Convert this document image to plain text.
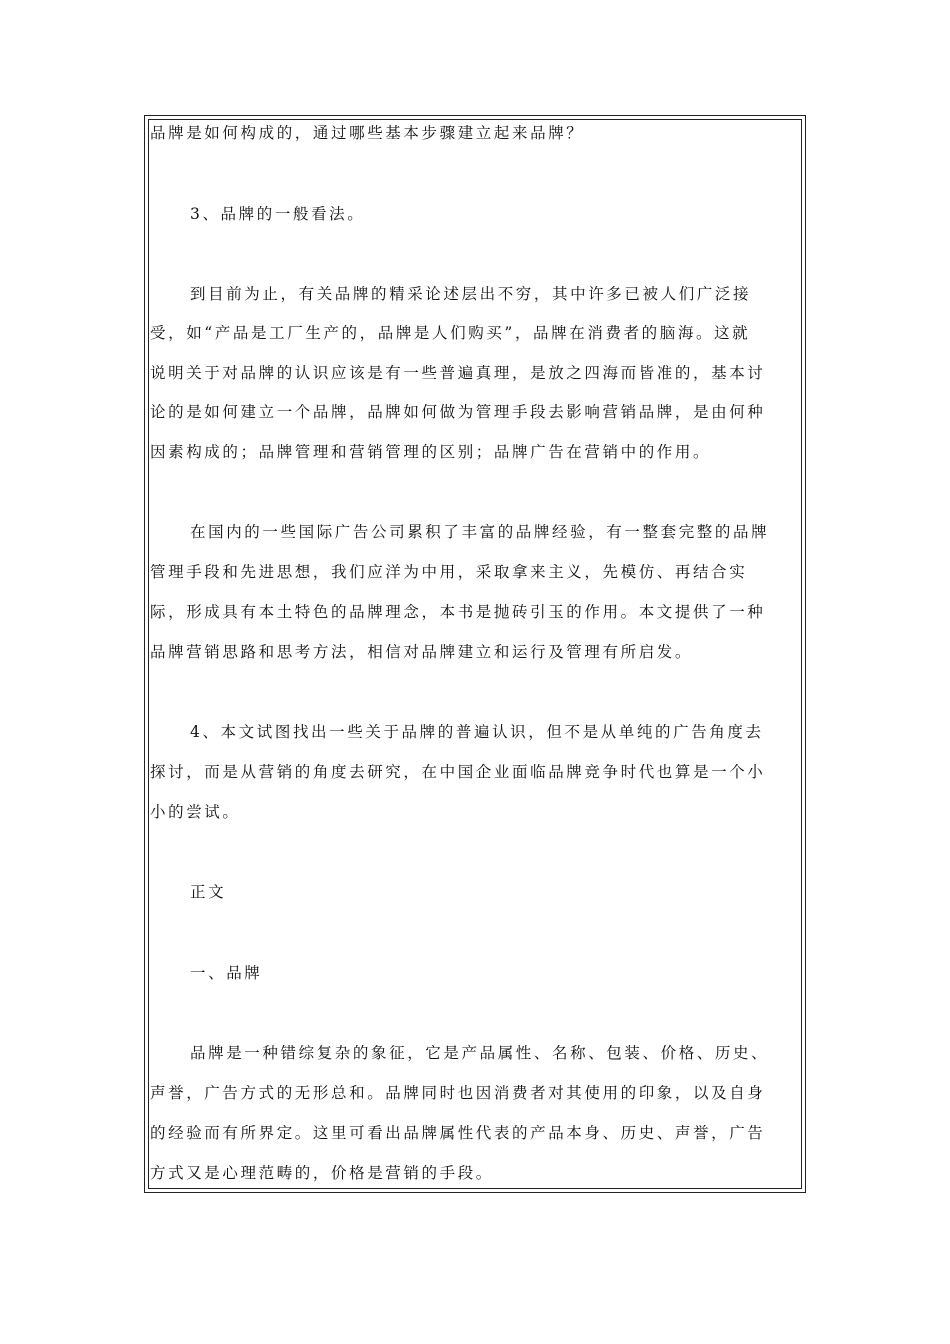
品牌是如何构成的，通过哪些基本步骤建立起来品牌？
3、品牌的一般看法。
到目前为止，有关品牌的精采论述层出不穷，其中许多已被人们广泛接
受，如“产品是工厂生产的，品牌是人们购买”，品牌在消费者的脑海。这就
说明关于对品牌的认识应该是有一些普遍真理，是放之四海而皆准的，基本讨
论的是如何建立一个品牌，品牌如何做为管理手段去影响营销品牌，是由何种
因素构成的；品牌管理和营销管理的区别；品牌广告在营销中的作用。
在国内的一些国际广告公司累积了丰富的品牌经验，有一整套完整的品牌
管理手段和先进思想，我们应洋为中用，采取拿来主义，先模仿、再结合实
际，形成具有本土特色的品牌理念，本书是抛砖引玉的作用。本文提供了一种
品牌营销思路和思考方法，相信对品牌建立和运行及管理有所启发。
4、本文试图找出一些关于品牌的普遍认识，但不是从单纯的广告角度去
探讨，而是从营销的角度去研究，在中国企业面临品牌竞争时代也算是一个小
小的尝试。
正文
一、品牌
品牌是一种错综复杂的象征，它是产品属性、名称、包装、价格、历史、
声誉，广告方式的无形总和。品牌同时也因消费者对其使用的印象，以及自身
的经验而有所界定。这里可看出品牌属性代表的产品本身、历史、声誉，广告
方式又是心理范畴的，价格是营销的手段。
